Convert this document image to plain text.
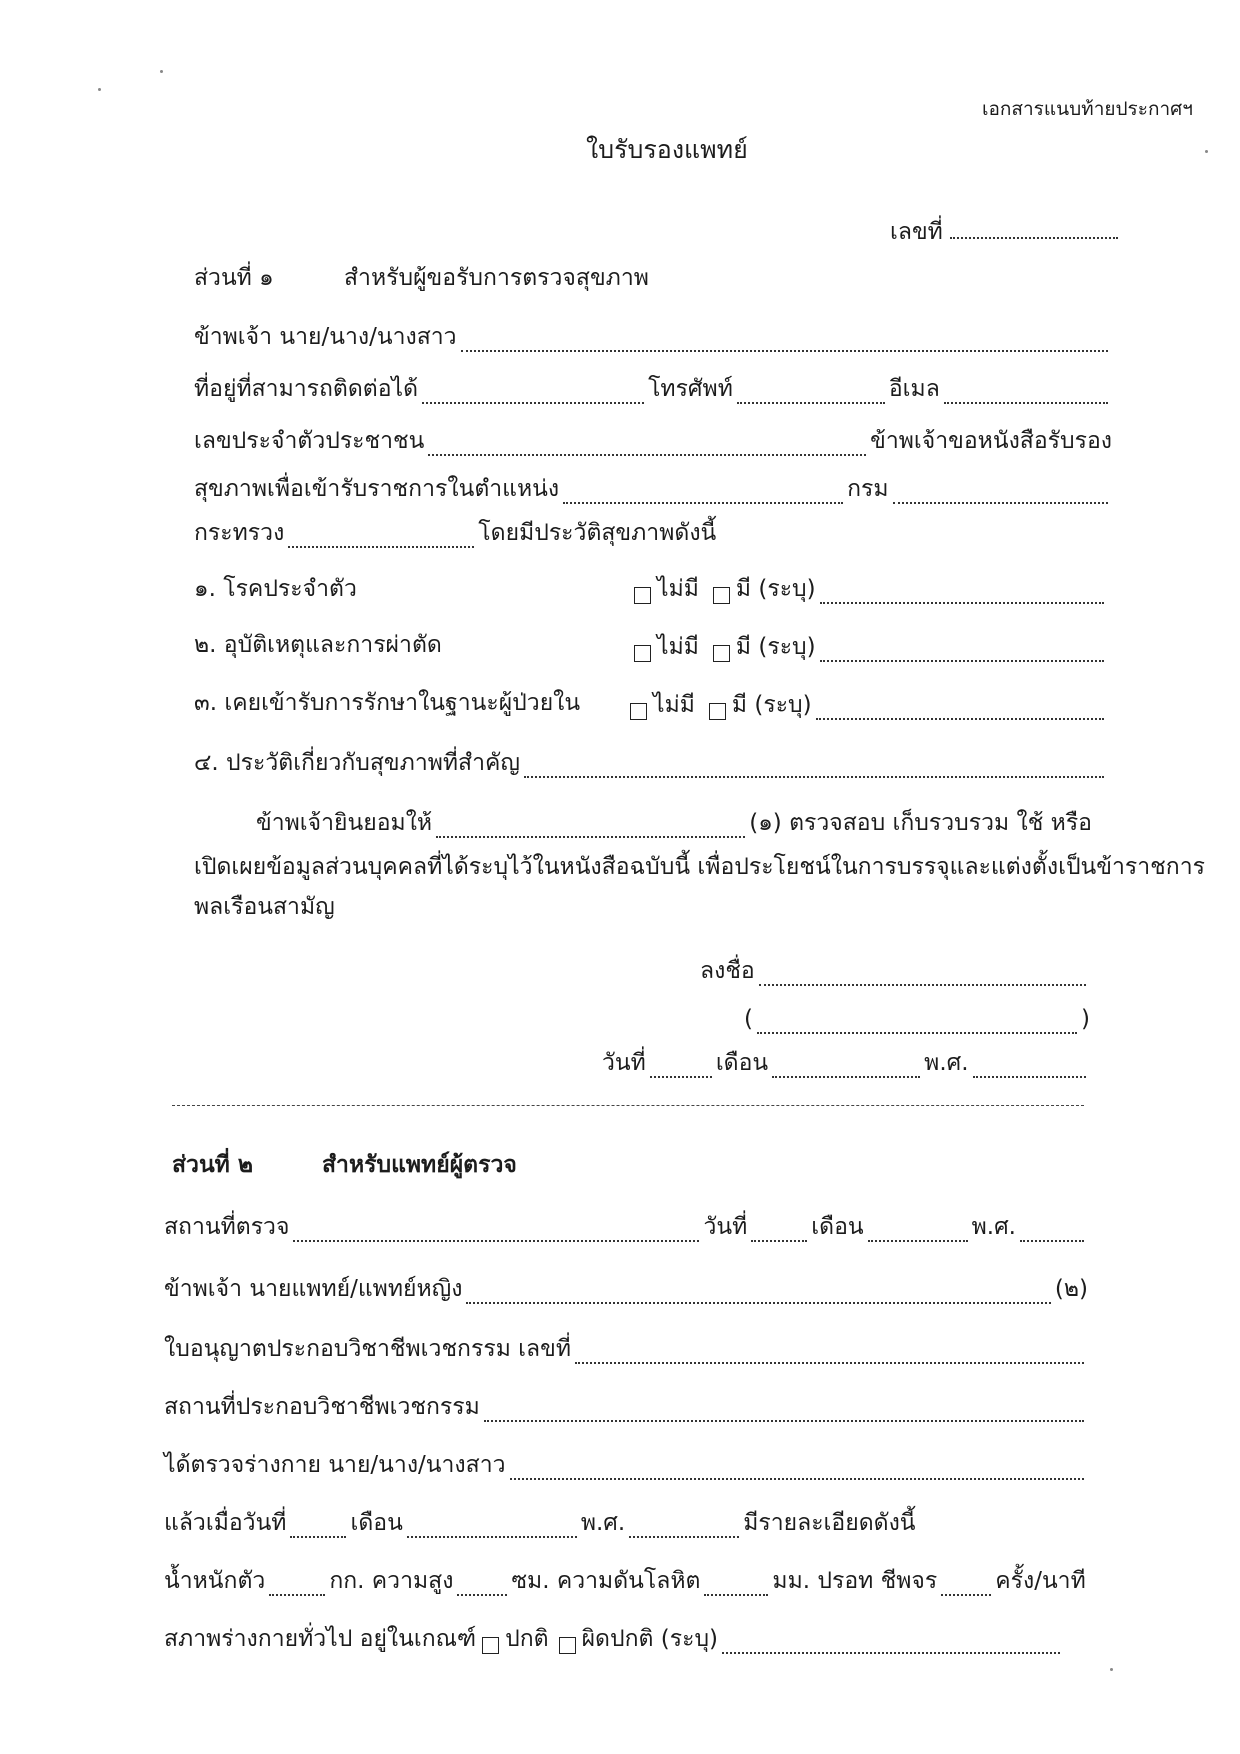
เอกสารแนบท้ายประกาศฯ
ใบรับรองแพทย์
เลขที่
ส่วนที่ ๑	สำหรับผู้ขอรับการตรวจสุขภาพ
ข้าพเจ้า นาย/นาง/นางสาว
ที่อยู่ที่สามารถติดต่อได้	โทรศัพท์	อีเมล
เลขประจำตัวประชาชน	ข้าพเจ้าขอหนังสือรับรอง
สุขภาพเพื่อเข้ารับราชการในตำแหน่ง	กรม
กระทรวง	โดยมีประวัติสุขภาพดังนี้
๑. โรคประจำตัว	ไม่มี มี (ระบุ)
๒. อุบัติเหตุและการผ่าตัด	ไม่มี มี (ระบุ)
๓. เคยเข้ารับการรักษาในฐานะผู้ป่วยใน	ไม่มี มี (ระบุ)
๔. ประวัติเกี่ยวกับสุขภาพที่สำคัญ
ข้าพเจ้ายินยอมให้	(๑) ตรวจสอบ เก็บรวบรวม ใช้ หรือ
เปิดเผยข้อมูลส่วนบุคคลที่ได้ระบุไว้ในหนังสือฉบับนี้ เพื่อประโยชน์ในการบรรจุและแต่งตั้งเป็นข้าราชการ
พลเรือนสามัญ
ลงชื่อ
(	)
วันที่	เดือน	พ.ศ.
ส่วนที่ ๒	สำหรับแพทย์ผู้ตรวจ
สถานที่ตรวจ	วันที่	เดือน	พ.ศ.
ข้าพเจ้า นายแพทย์/แพทย์หญิง	(๒)
ใบอนุญาตประกอบวิชาชีพเวชกรรม เลขที่
สถานที่ประกอบวิชาชีพเวชกรรม
ได้ตรวจร่างกาย นาย/นาง/นางสาว
แล้วเมื่อวันที่	เดือน	พ.ศ.	มีรายละเอียดดังนี้
น้ำหนักตัว	กก. ความสูง	ซม. ความดันโลหิต	มม. ปรอท ชีพจร	ครั้ง/นาที
สภาพร่างกายทั่วไป อยู่ในเกณฑ์ ปกติ ผิดปกติ (ระบุ)
